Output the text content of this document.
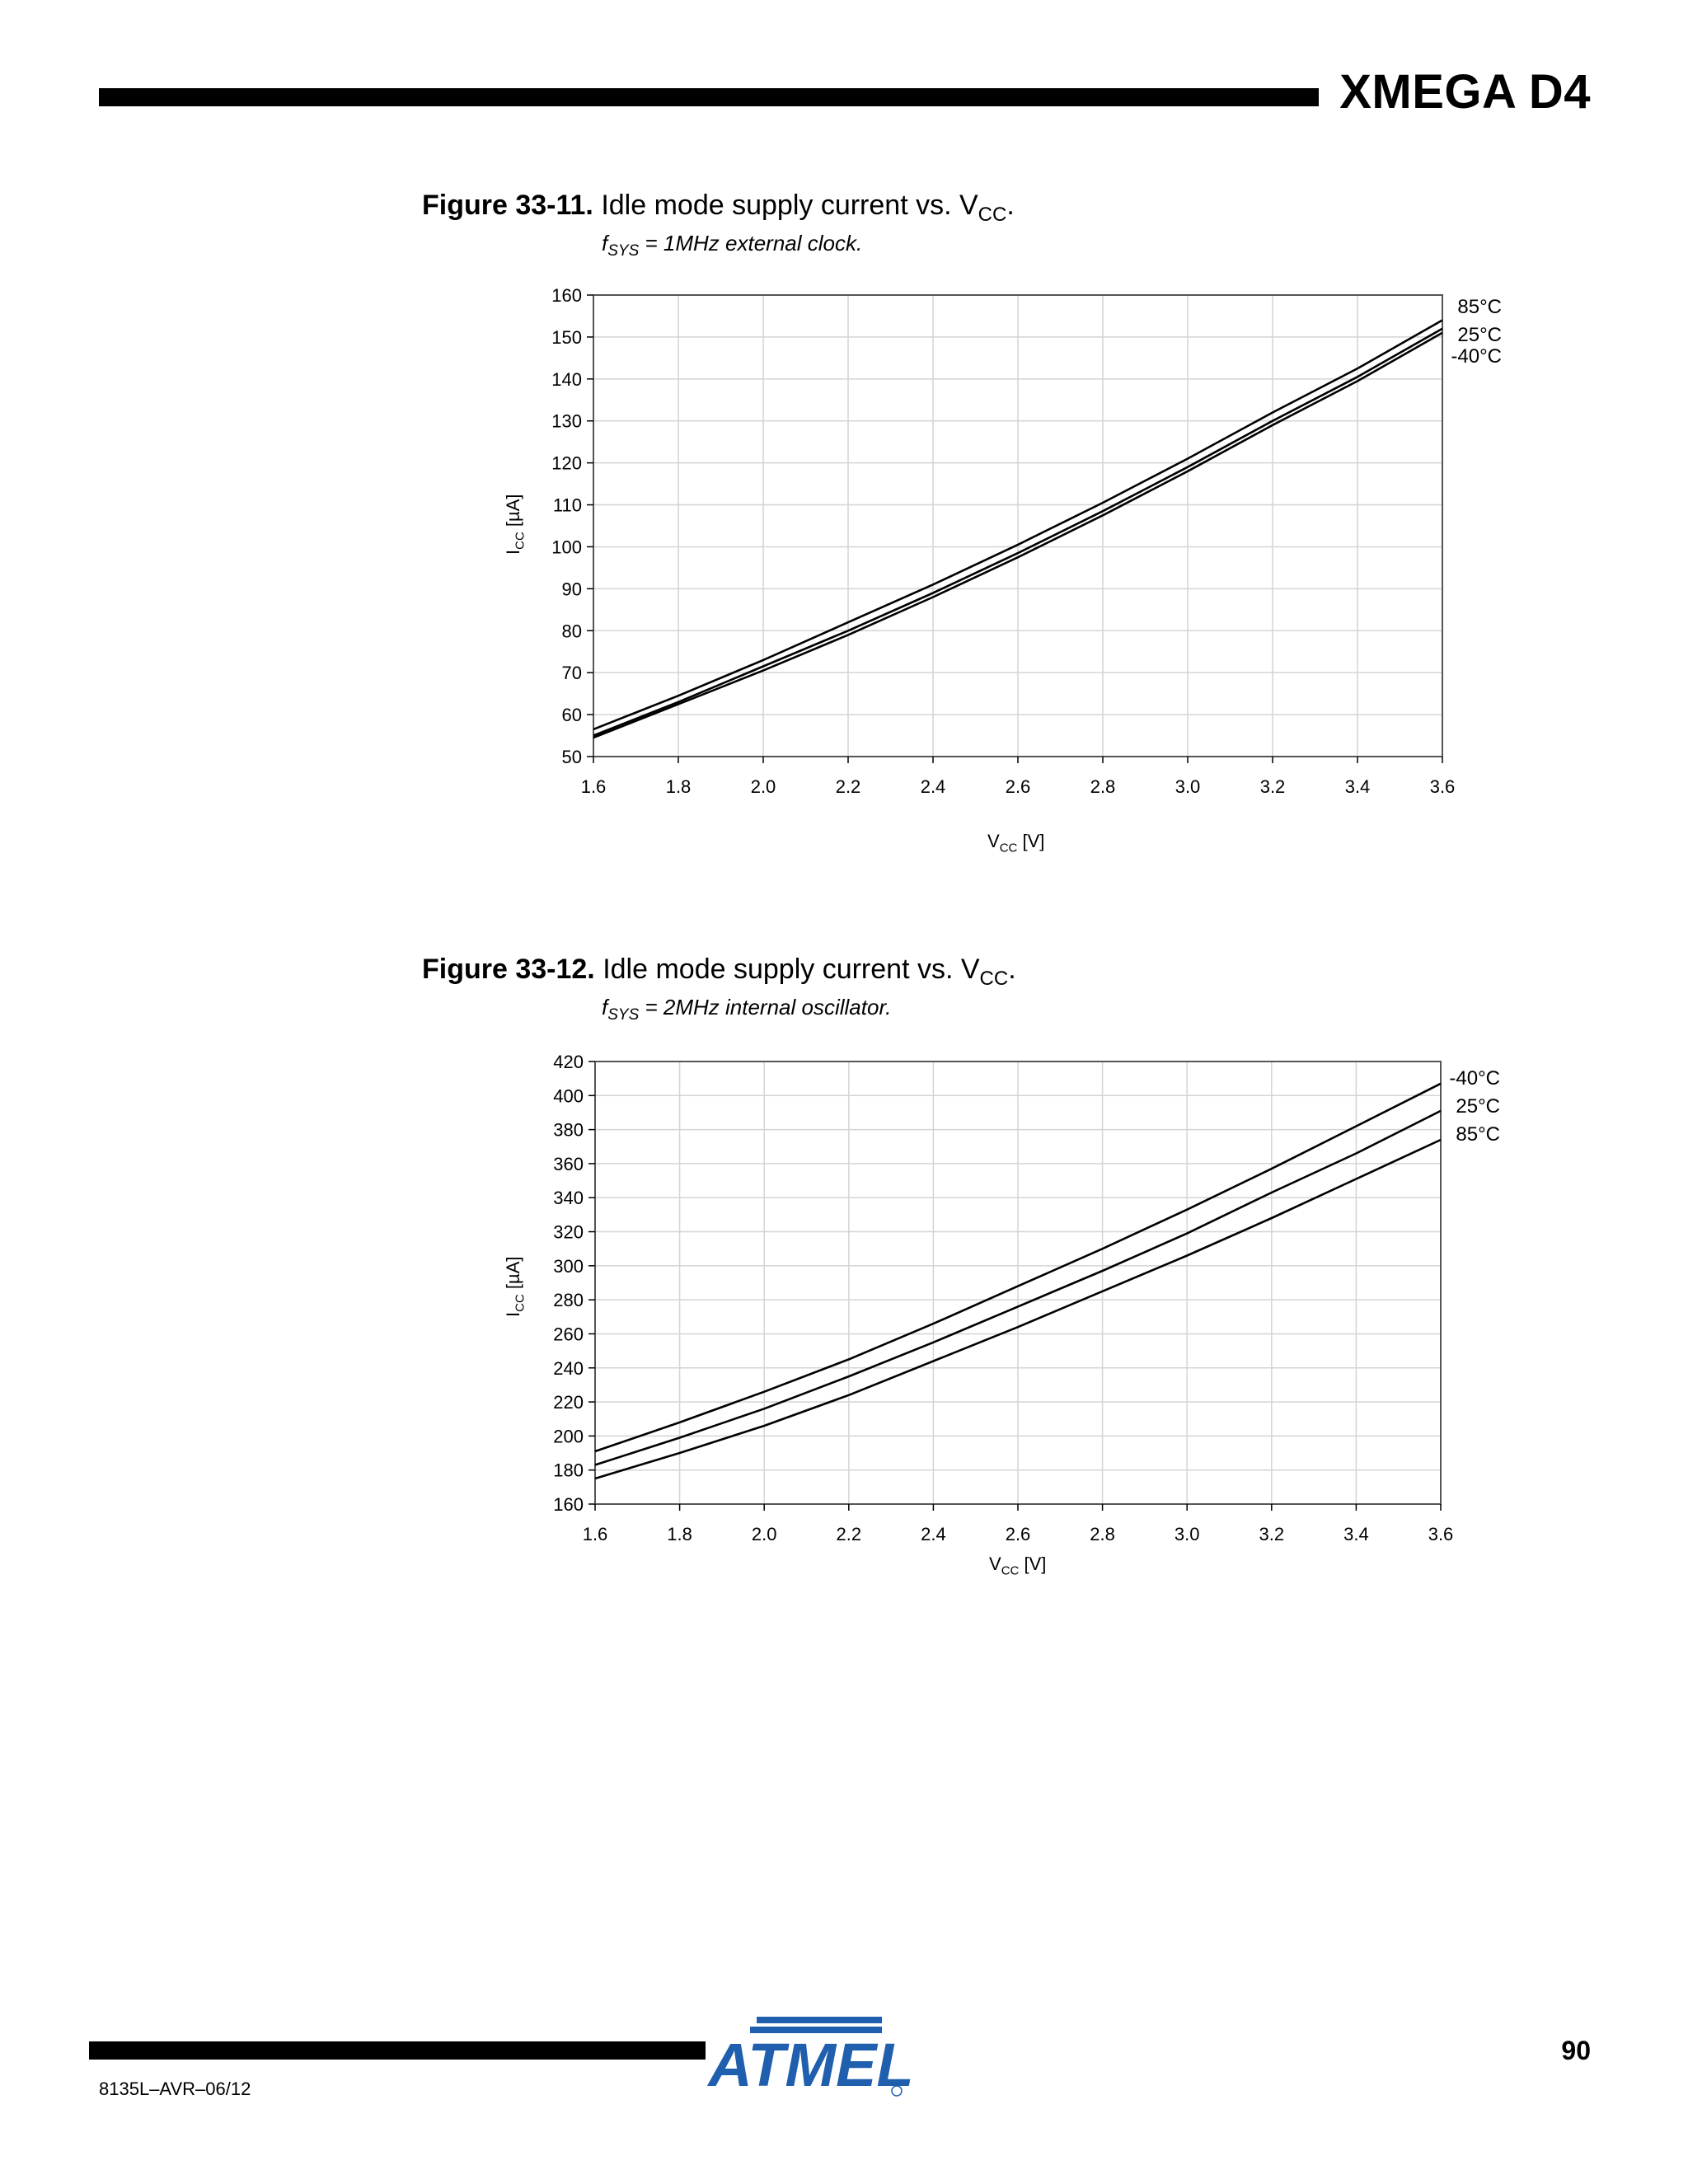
XMEGA D4
Figure 33-11. Idle mode supply current vs. $V_{CC}$.
$f_{SYS} = 1MHz$ external clock.
50
60
70
80
90
100
110
120
130
140
150
160
1.6	1.8	2.0	2.2	2.4	2.6	2.8	3.0	3.2	3.4	3.6
85°C
25°C
-40°C
$I_{CC}$ [µA]
$V_{CC}$ [V]
Figure 33-12. Idle mode supply current vs. $V_{CC}$.
$f_{SYS} = 2MHz$ internal oscillator.
160
180
200
220
240
260
280
300
320
340
360
380
400
420
1.6	1.8	2.0	2.2	2.4	2.6	2.8	3.0	3.2	3.4	3.6
-40°C
25°C
85°C
$I_{CC}$ [µA]
$V_{CC}$ [V]
ATMEL	90
8135L–AVR–06/12
